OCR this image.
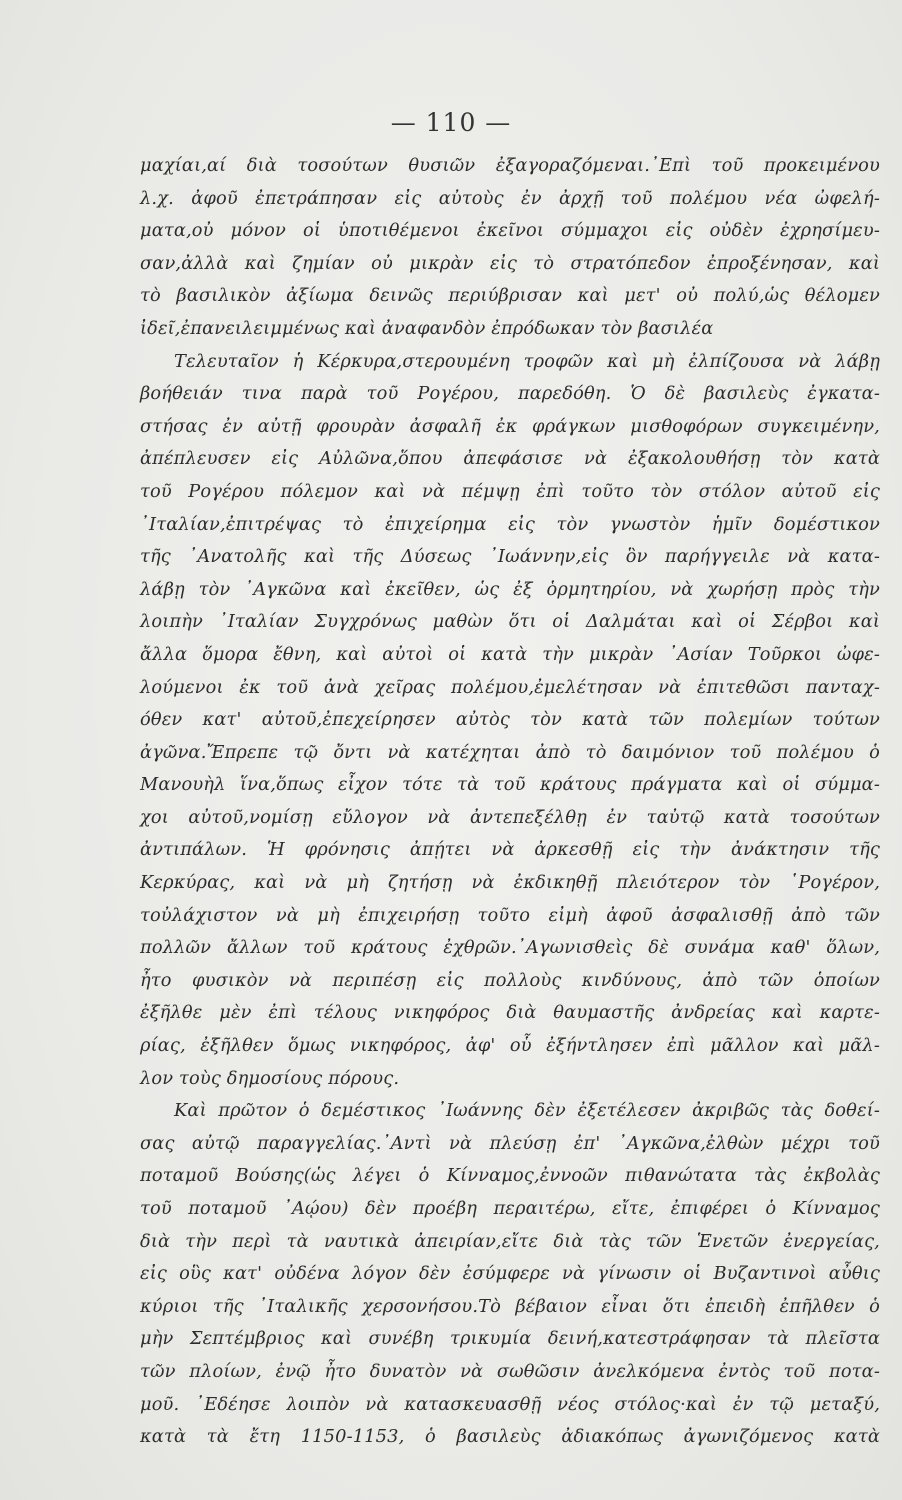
— 110 —
μαχίαι,αί διὰ τοσούτων θυσιῶν ἐξαγοραζόμεναι.᾿Επὶ τοῦ προκειμένου
λ.χ. ἀφοῦ ἐπετράπησαν εἰς αὐτοὺς ἐν ἀρχῇ τοῦ πολέμου νέα ὠφελή-
ματα,οὐ μόνον οἱ ὑποτιθέμενοι ἐκεῖνοι σύμμαχοι εἰς οὐδὲν ἐχρησίμευ-
σαν,ἀλλὰ καὶ ζημίαν οὐ μικρὰν εἰς τὸ στρατόπεδον ἐπροξένησαν, καὶ
τὸ βασιλικὸν ἀξίωμα δεινῶς περιύβρισαν καὶ μετ' οὐ πολύ,ὡς θέλομεν
ἰδεῖ,ἐπανειλειμμένως καὶ ἀναφανδὸν ἐπρόδωκαν τὸν βασιλέα
Τελευταῖον ἡ Κέρκυρα,στερουμένη τροφῶν καὶ μὴ ἐλπίζουσα νὰ λάβῃ
βοήθειάν τινα παρὰ τοῦ Ρογέρου, παρεδόθη. Ὁ δὲ βασιλεὺς ἐγκατα-
στήσας ἐν αὐτῇ φρουρὰν ἀσφαλῆ ἐκ φράγκων μισθοφόρων συγκειμένην,
ἀπέπλευσεν εἰς Αὐλῶνα,ὅπου ἀπεφάσισε νὰ ἐξακολουθήσῃ τὸν κατὰ
τοῦ Ρογέρου πόλεμον καὶ νὰ πέμψῃ ἐπὶ τοῦτο τὸν στόλον αὐτοῦ εἰς
᾿Ιταλίαν,ἐπιτρέψας τὸ ἐπιχείρημα εἰς τὸν γνωστὸν ἡμῖν δομέστικον
τῆς ᾿Ανατολῆς καὶ τῆς Δύσεως ᾿Ιωάννην,εἰς ὃν παρήγγειλε νὰ κατα-
λάβῃ τὸν ᾿Αγκῶνα καὶ ἐκεῖθεν, ὡς ἐξ ὁρμητηρίου, νὰ χωρήσῃ πρὸς τὴν
λοιπὴν ᾿Ιταλίαν Συγχρόνως μαθὼν ὅτι οἱ Δαλμάται καὶ οἱ Σέρβοι καὶ
ἄλλα ὅμορα ἔθνη, καὶ αὐτοὶ οἱ κατὰ τὴν μικρὰν ᾿Ασίαν Τοῦρκοι ὠφε-
λούμενοι ἐκ τοῦ ἀνὰ χεῖρας πολέμου,ἐμελέτησαν νὰ ἐπιτεθῶσι πανταχ-
όθεν κατ' αὐτοῦ,ἐπεχείρησεν αὐτὸς τὸν κατὰ τῶν πολεμίων τούτων
ἀγῶνα.Ἔπρεπε τῷ ὄντι νὰ κατέχηται ἀπὸ τὸ δαιμόνιον τοῦ πολέμου ὁ
Μανουὴλ ἵνα,ὅπως εἶχον τότε τὰ τοῦ κράτους πράγματα καὶ οἱ σύμμα-
χοι αὐτοῦ,νομίσῃ εὔλογον νὰ ἀντεπεξέλθῃ ἐν ταὐτῷ κατὰ τοσούτων
ἀντιπάλων. Ἡ φρόνησις ἀπῄτει νὰ ἀρκεσθῇ εἰς τὴν ἀνάκτησιν τῆς
Κερκύρας, καὶ νὰ μὴ ζητήσῃ νὰ ἐκδικηθῇ πλειότερον τὸν ῾Ρογέρον,
τοὐλάχιστον νὰ μὴ ἐπιχειρήσῃ τοῦτο εἰμὴ ἀφοῦ ἀσφαλισθῇ ἀπὸ τῶν
πολλῶν ἄλλων τοῦ κράτους ἐχθρῶν.᾿Αγωνισθεὶς δὲ συνάμα καθ' ὅλων,
ἦτο φυσικὸν νὰ περιπέσῃ εἰς πολλοὺς κινδύνους, ἀπὸ τῶν ὁποίων
ἐξῆλθε μὲν ἐπὶ τέλους νικηφόρος διὰ θαυμαστῆς ἀνδρείας καὶ καρτε-
ρίας, ἐξῆλθεν ὅμως νικηφόρος, ἀφ' οὗ ἐξήντλησεν ἐπὶ μᾶλλον καὶ μᾶλ-
λον τοὺς δημοσίους πόρους.
Καὶ πρῶτον ὁ δεμέστικος ᾿Ιωάννης δὲν ἐξετέλεσεν ἀκριβῶς τὰς δοθεί-
σας αὐτῷ παραγγελίας.᾿Αντὶ νὰ πλεύσῃ ἐπ' ᾿Αγκῶνα,ἐλθὼν μέχρι τοῦ
ποταμοῦ Βούσης(ὡς λέγει ὁ Κίνναμος,ἐννοῶν πιθανώτατα τὰς ἐκβολὰς
τοῦ ποταμοῦ ᾿Αῴου) δὲν προέβη περαιτέρω, εἴτε, ἐπιφέρει ὁ Κίνναμος
διὰ τὴν περὶ τὰ ναυτικὰ ἀπειρίαν,εἴτε διὰ τὰς τῶν Ἑνετῶν ἐνεργείας,
εἰς οὓς κατ' οὐδένα λόγον δὲν ἐσύμφερε νὰ γίνωσιν οἱ Βυζαντινοὶ αὖθις
κύριοι τῆς ᾿Ιταλικῆς χερσονήσου.Τὸ βέβαιον εἶναι ὅτι ἐπειδὴ ἐπῆλθεν ὁ
μὴν Σεπτέμβριος καὶ συνέβη τρικυμία δεινή,κατεστράφησαν τὰ πλεῖστα
τῶν πλοίων, ἐνῷ ἦτο δυνατὸν νὰ σωθῶσιν ἀνελκόμενα ἐντὸς τοῦ ποτα-
μοῦ. ᾿Εδέησε λοιπὸν νὰ κατασκευασθῇ νέος στόλος·καὶ ἐν τῷ μεταξύ,
κατὰ τὰ ἔτη 1150-1153, ὁ βασιλεὺς ἀδιακόπως ἀγωνιζόμενος κατὰ
